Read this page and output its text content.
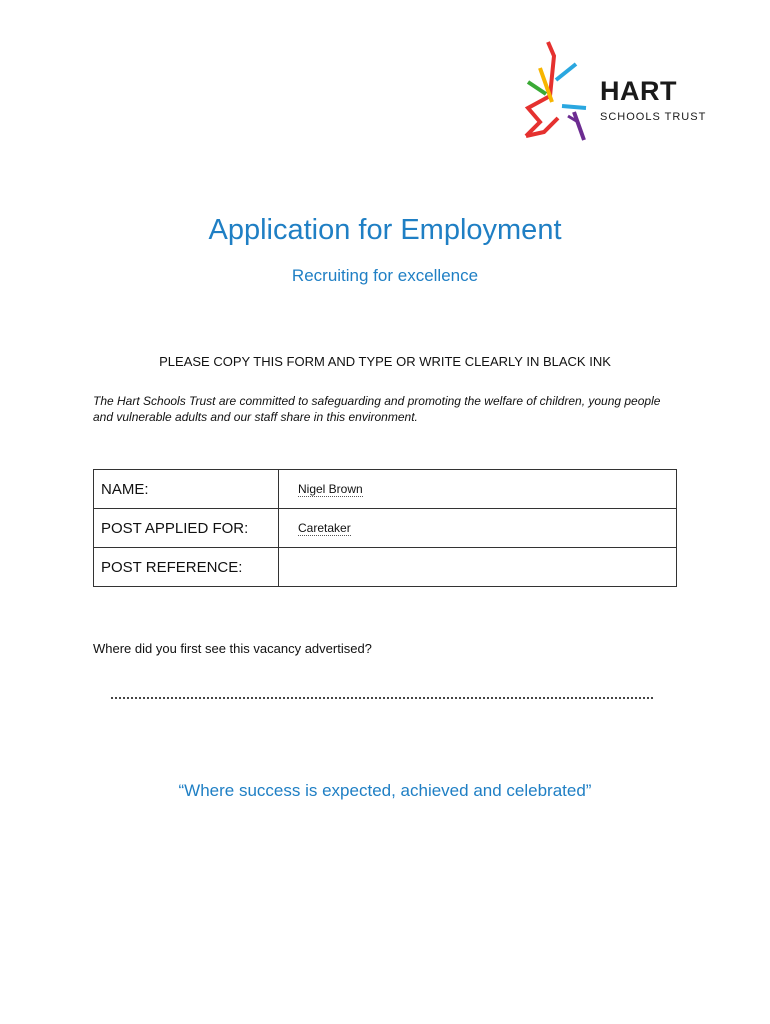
HART
SCHOOLS TRUST
Application for Employment
Recruiting for excellence
PLEASE COPY THIS FORM AND TYPE OR WRITE CLEARLY IN BLACK INK
The Hart Schools Trust are committed to safeguarding and promoting the welfare of children, young people and vulnerable adults and our staff share in this environment.
NAME:	Nigel Brown
POST APPLIED FOR:	Caretaker
POST REFERENCE:	
Where did you first see this vacancy advertised?
“Where success is expected, achieved and celebrated”
